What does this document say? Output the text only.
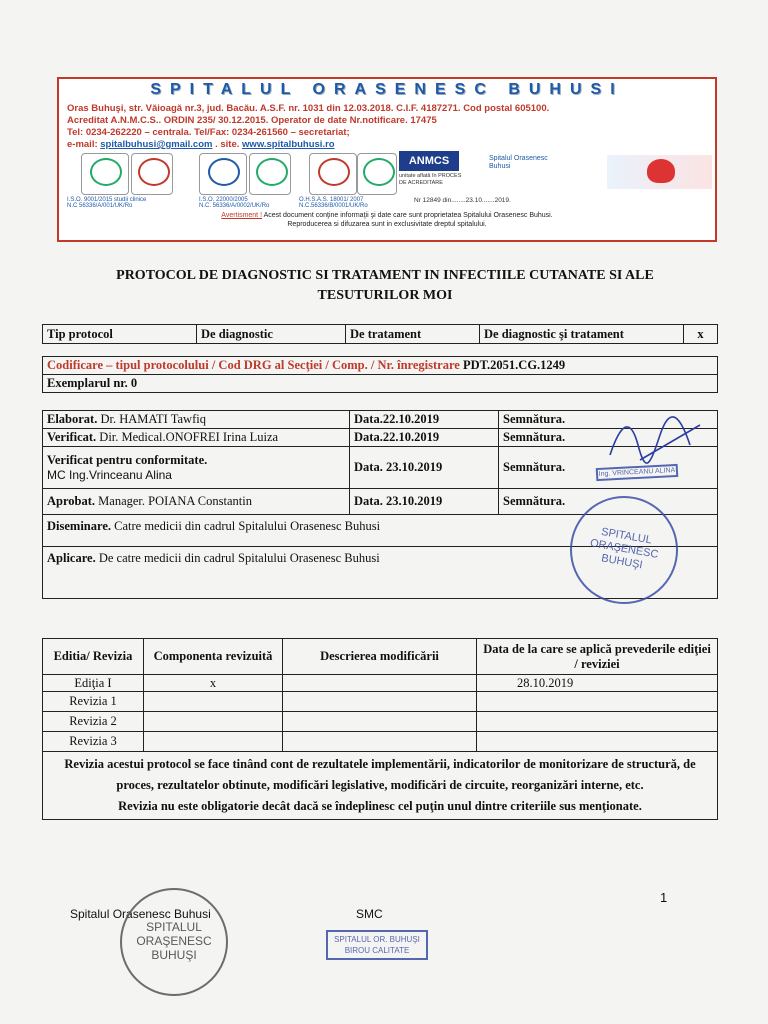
SPITALUL ORASENESC BUHUSI
Oras Buhuşi, str. Văioagă nr.3, jud. Bacău. A.S.F. nr. 1031 din 12.03.2018. C.I.F. 4187271. Cod postal 605100.
Acreditat A.N.M.C.S.. ORDIN 235/ 30.12.2015. Operator de date Nr.notificare. 17475
Tel: 0234-262220 – centrala. Tel/Fax: 0234-261560 – secretariat;
e-mail: spitalbuhusi@gmail.com . site. www.spitalbuhusi.ro
I.S.O. 9001/2015 studii clinice
N.C 56336/A/001/UK/Ro
I.S.O. 22000/2005
N.C. 56336/A/0002/UK/Ro
O.H.S.A.S. 18001/ 2007
N.C.56336/B/0001/UK/Ro
ANMCS
unitate aflată în PROCES DE ACREDITARE
Spitalul Orasenesc Buhusi
Nr 12849 din........23.10.......2019.
Avertisment ! Acest document conţine informaţii şi date care sunt proprietatea Spitalului Orasenesc Buhusi.
Reproducerea si difuzarea sunt in exclusivitate dreptul spitalului.
PROTOCOL DE DIAGNOSTIC SI TRATAMENT IN INFECTIILE CUTANATE SI ALE
TESUTURILOR MOI
Tip protocol	De diagnostic	De tratament	De diagnostic şi tratament	x
Codificare – tipul protocolului / Cod DRG al Secţiei / Comp. / Nr. înregistrare PDT.2051.CG.1249
Exemplarul nr. 0
Elaborat. Dr. HAMATI Tawfiq	Data.22.10.2019	Semnătura.
Verificat. Dir. Medical.ONOFREI Irina Luiza	Data.22.10.2019	Semnătura.

Verificat pentru conformitate.
MC Ing.Vrinceanu Alina	Data. 23.10.2019	Semnătura.
Aprobat. Manager. POIANA Constantin	Data. 23.10.2019	Semnătura.
Diseminare. Catre medicii din cadrul Spitalului Orasenesc Buhusi		
Aplicare. De catre medicii din cadrul Spitalului Orasenesc Buhusi		
Editia/ Revizia	Componenta revizuită	Descrierea modificării	Data de la care se aplică prevederile ediţiei / reviziei
Ediţia I	x		28.10.2019
Revizia 1			
Revizia 2			
Revizia 3			

Revizia acestui protocol se face tinând cont de rezultatele implementării, indicatorilor de monitorizare de structură, de proces, rezultatelor obtinute, modificări legislative, modificări de circuite, reorganizări interne, etc.
Revizia nu este obligatorie decât dacă se îndeplinesc cel puţin unul dintre criteriile sus menţionate.			
Ing. VRINCEANU ALINA
SPITALUL ORAŞENESC BUHUŞI
1
Spitalul Orasenesc Buhusi
SPITALUL ORAŞENESC BUHUŞI
SMC
SPITALUL OR. BUHUŞI
BIROU CALITATE
